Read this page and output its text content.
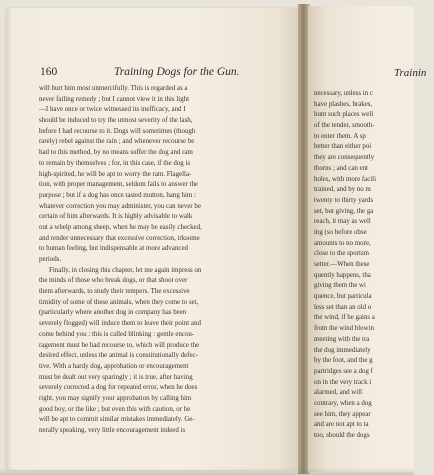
Trainin
necessary, unless in c
have plashes, brakes,
hunt such places well
of the tender, smooth-
to enter them. A sp
better than either poi
they are consequently
thorns ; and can ent
holes, with more facili
trained, and by no m
twenty to thirty yards
set, but giving, the ga
reach, it may as well
ing (so before obse
amounts to no more,
close to the sportsm
setter.—When these
quently happens, tha
giving them the wi
quence, but particula
less set than an old o
the wind, if he gains a
from the wind blowin
meeting with the tra
the dog immediately
by the foot, and the g
partridges see a dog f
on in the very track i
alarmed, and will
contrary, when a dog
see him, they appear
and are not apt to ta
too, should the dogs
160	Training Dogs for the Gun.
will hurt him most unmercifully. This is regarded as a
never failing remedy ; but I cannot view it in this light
—I have once or twice witnessed its inefficacy, and I
should be induced to try the utmost severity of the lash,
before I had recourse to it. Dogs will sometimes (though
rarely) rebel against the rain ; and whenever recourse be
had to this method, by no means suffer the dog and ram
to remain by themselves ; for, in this case, if the dog is
high-spirited, he will be apt to worry the ram. Flagella-
tion, with proper management, seldom fails to answer the
purpose ; but if a dog has once tasted mutton, hang him :
whatever correction you may administer, you can never be
certain of him afterwards. It is highly advisable to walk
out a whelp among sheep, when he may be easily checked,
and render unnecessary that excessive correction, irksome
to human feeling, but indispensable at more advanced
periods.
Finally, in closing this chapter, let me again impress on
the minds of those who break dogs, or that shoot over
them afterwards, to study their tempers. The excessive
timidity of some of these animals, when they come to set,
(particularly where another dog in company has been
severely flogged) will induce them to leave their point and
come behind you : this is called blinking : gentle encou-
ragement must be had recourse to, which will produce the
desired effect, unless the animal is constitutionally defec-
tive. With a hardy dog, approbation or encouragement
must be dealt out very sparingly ; it is true, after having
severely corrected a dog for repeated error, when he does
right, you may signify your approbation by calling him
good boy, or the like ; but even this with caution, or he
will be apt to commit similar mistakes immediately. Ge-
nerally speaking, very little encouragement indeed is
